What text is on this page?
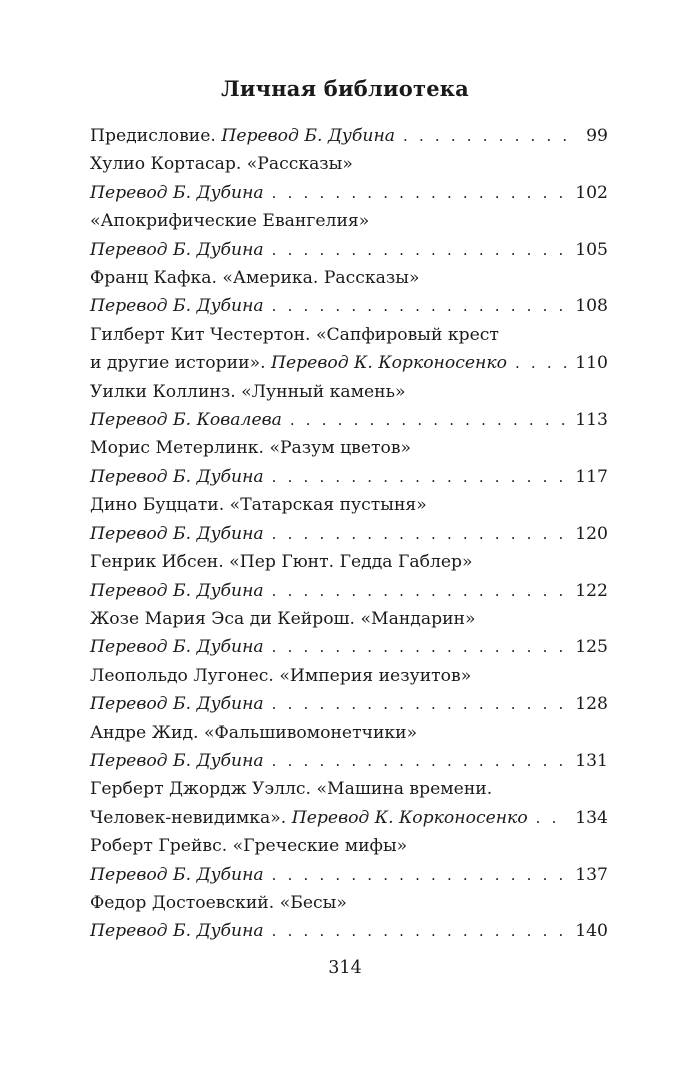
Личная библиотека
Предисловие.
Перевод Б. Дубина . . .	99
Хулио Кортасар. «Рассказы»
Перевод Б. Дубина . . .	102
«Апокрифические Евангелия»
Перевод Б. Дубина . . .	105
Франц Кафка. «Америка. Рассказы»
Перевод Б. Дубина . . .	108
Гилберт Кит Честертон. «Сапфировый крест
и другие истории».
Перевод К. Корконосенко . . .	110
Уилки Коллинз. «Лунный камень»
Перевод Б. Ковалева . . .	113
Морис Метерлинк. «Разум цветов»
Перевод Б. Дубина . . .	117
Дино Буццати. «Татарская пустыня»
Перевод Б. Дубина . . .	120
Генрик Ибсен. «Пер Гюнт. Гедда Габлер»
Перевод Б. Дубина . . .	122
Жозе Мария Эса ди Кейрош. «Мандарин»
Перевод Б. Дубина . . .	125
Леопольдо Лугонес. «Империя иезуитов»
Перевод Б. Дубина . . .	128
Андре Жид. «Фальшивомонетчики»
Перевод Б. Дубина . . .	131
Герберт Джордж Уэллс. «Машина времени.
Человек-невидимка».
Перевод К. Корконосенко . . .	134
Роберт Грейвс. «Греческие мифы»
Перевод Б. Дубина . . .	137
Федор Достоевский. «Бесы»
Перевод Б. Дубина . . .	140
314
